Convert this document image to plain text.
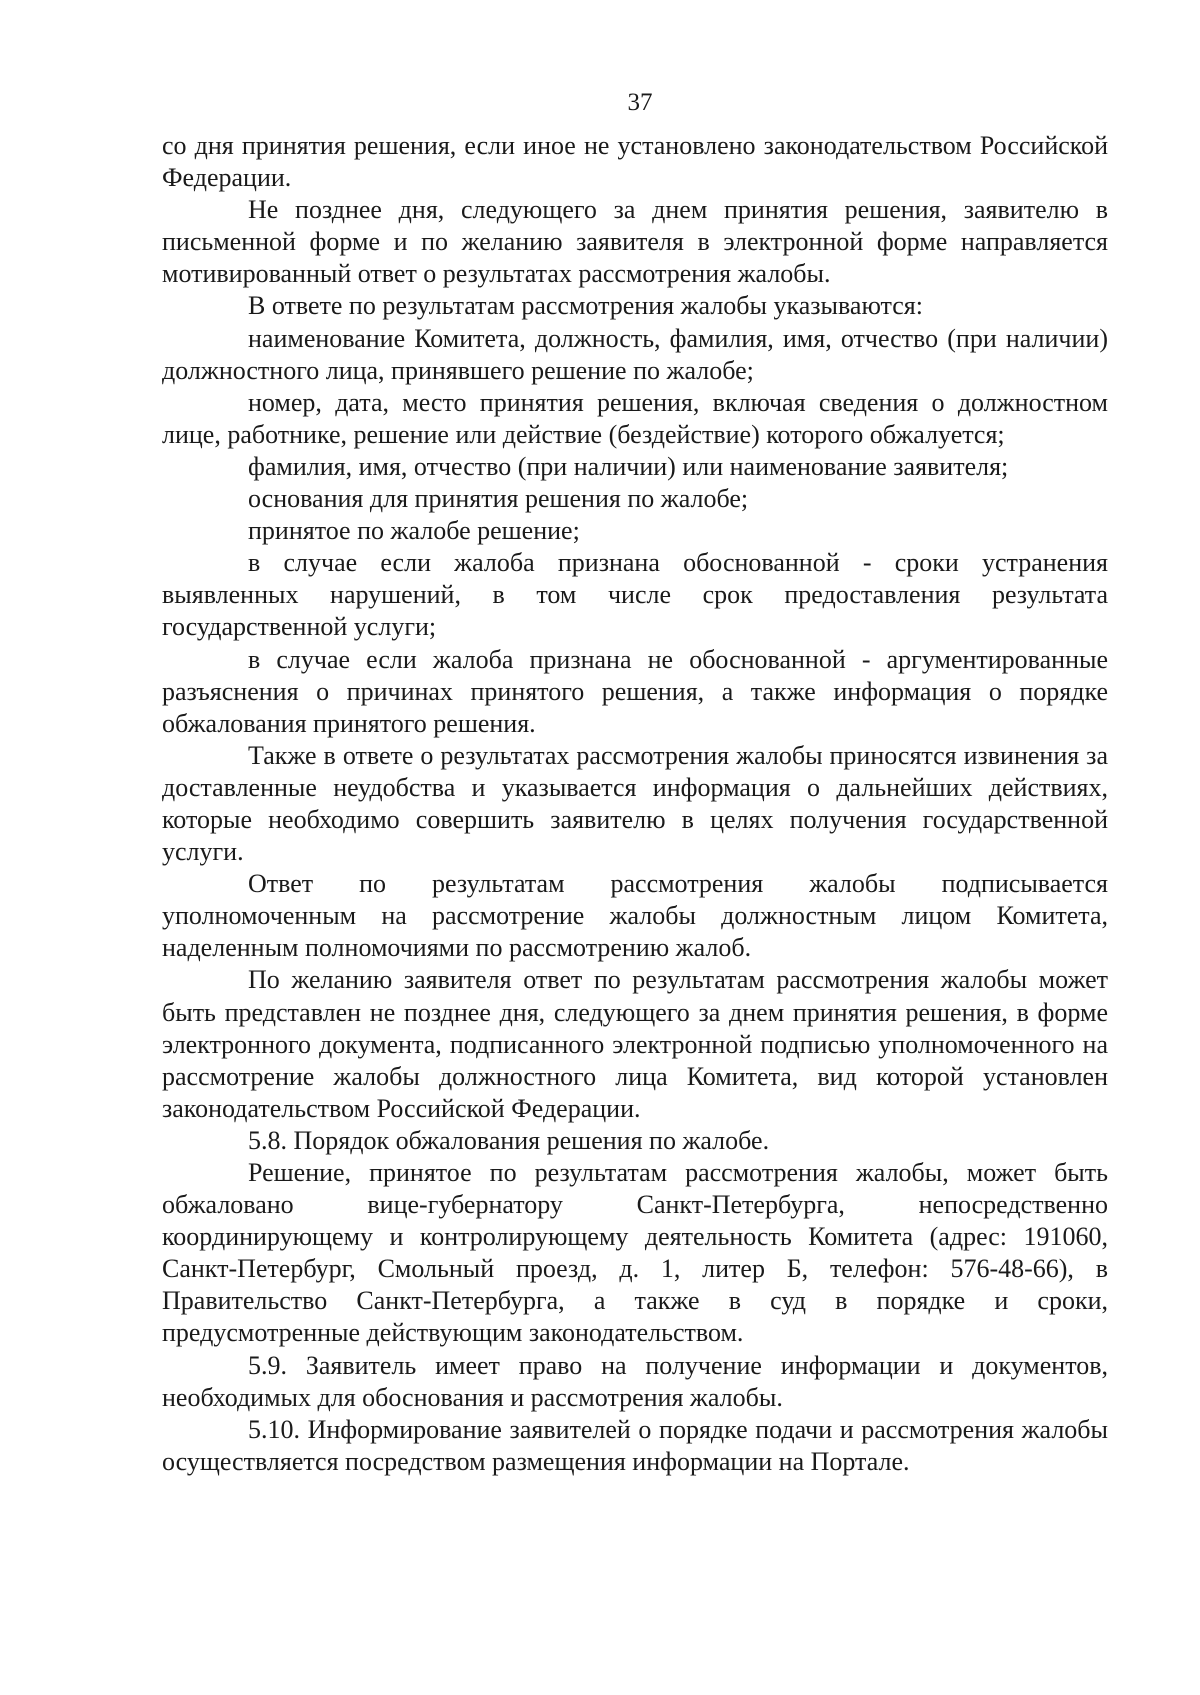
37

со дня принятия решения, если иное не установлено законодательством Российской Федерации.

Не позднее дня, следующего за днем принятия решения, заявителю в письменной форме и по желанию заявителя в электронной форме направляется мотивированный ответ о результатах рассмотрения жалобы.

В ответе по результатам рассмотрения жалобы указываются:

наименование Комитета, должность, фамилия, имя, отчество (при наличии) должностного лица, принявшего решение по жалобе;

номер, дата, место принятия решения, включая сведения о должностном лице, работнике, решение или действие (бездействие) которого обжалуется;

фамилия, имя, отчество (при наличии) или наименование заявителя;

основания для принятия решения по жалобе;

принятое по жалобе решение;

в случае если жалоба признана обоснованной - сроки устранения выявленных нарушений, в том числе срок предоставления результата государственной услуги;

в случае если жалоба признана не обоснованной - аргументированные разъяснения о причинах принятого решения, а также информация о порядке обжалования принятого решения.

Также в ответе о результатах рассмотрения жалобы приносятся извинения за доставленные неудобства и указывается информация о дальнейших действиях, которые необходимо совершить заявителю в целях получения государственной услуги.

Ответ по результатам рассмотрения жалобы подписывается уполномоченным на рассмотрение жалобы должностным лицом Комитета, наделенным полномочиями по рассмотрению жалоб.

По желанию заявителя ответ по результатам рассмотрения жалобы может быть представлен не позднее дня, следующего за днем принятия решения, в форме электронного документа, подписанного электронной подписью уполномоченного на рассмотрение жалобы должностного лица Комитета, вид которой установлен законодательством Российской Федерации.

5.8. Порядок обжалования решения по жалобе.

Решение, принятое по результатам рассмотрения жалобы, может быть обжаловано вице-губернатору Санкт-Петербурга, непосредственно координирующему и контролирующему деятельность Комитета (адрес: 191060, Санкт-Петербург, Смольный проезд, д. 1, литер Б, телефон: 576-48-66), в Правительство Санкт-Петербурга, а также в суд в порядке и сроки, предусмотренные действующим законодательством.

5.9. Заявитель имеет право на получение информации и документов, необходимых для обоснования и рассмотрения жалобы.

5.10. Информирование заявителей о порядке подачи и рассмотрения жалобы осуществляется посредством размещения информации на Портале.
